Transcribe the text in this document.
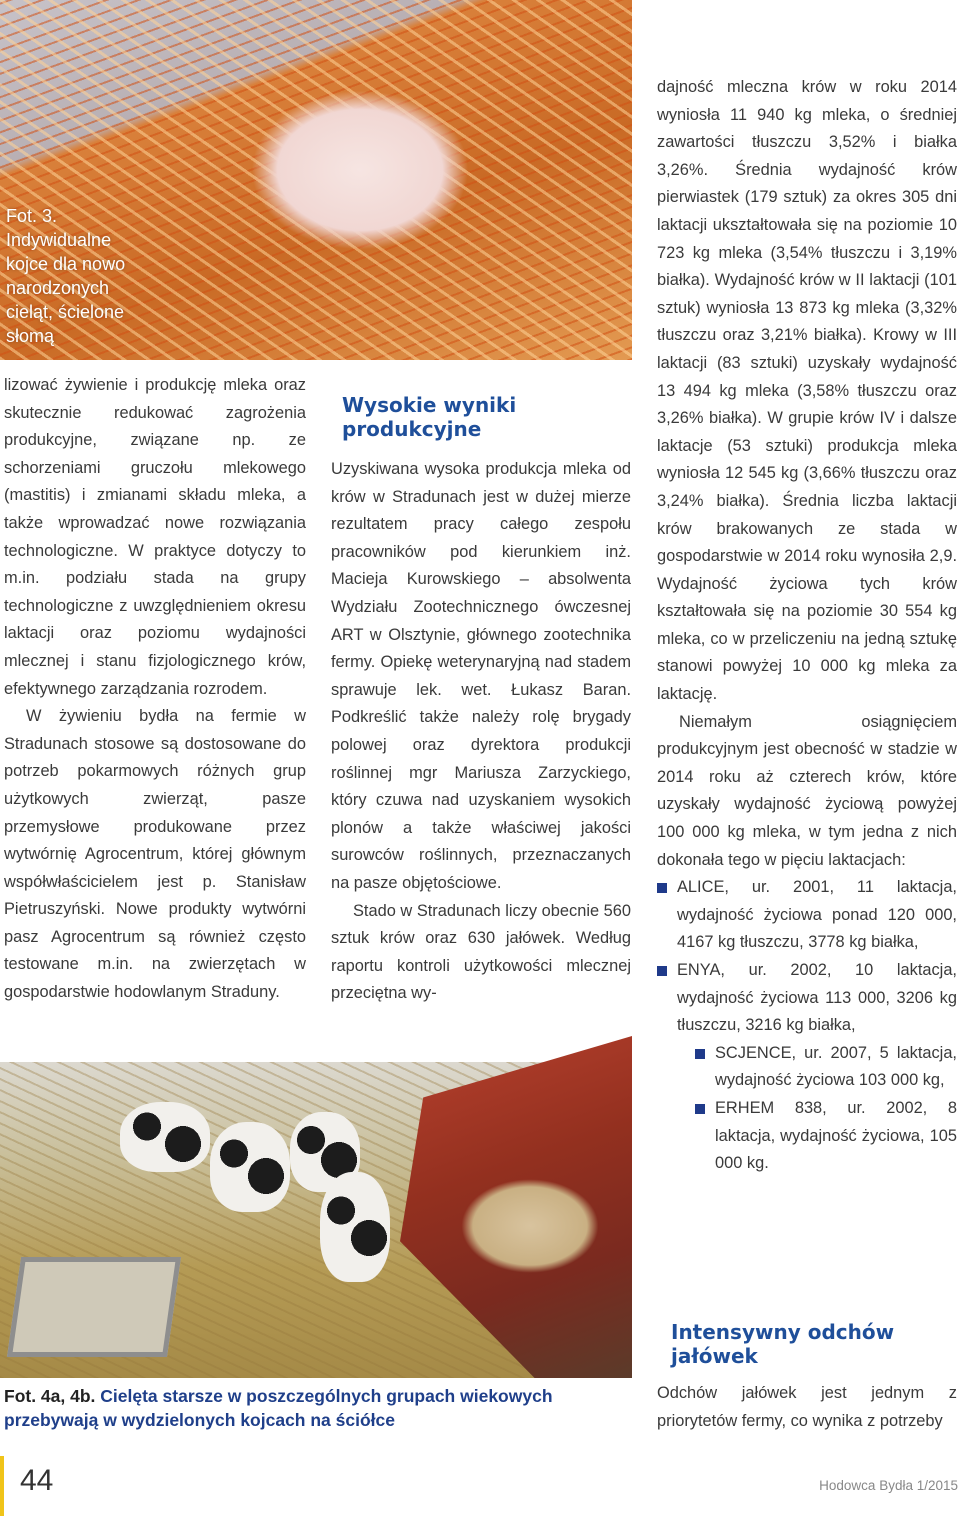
Fot. 3. Indywidualne kojce dla nowo narodzonych cieląt, ścielone słomą

lizować żywienie i produkcję mleka oraz skutecznie redukować zagrożenia produkcyjne, związane np. ze schorzeniami gruczołu mlekowego (mastitis) i zmianami składu mleka, a także wprowadzać nowe rozwiązania technologiczne. W praktyce dotyczy to m.in. podziału stada na grupy technologiczne z uwzględnieniem okresu laktacji oraz poziomu wydajności mlecznej i stanu fizjologicznego krów, efektywnego zarządzania rozrodem.

W żywieniu bydła na fermie w Stradunach stosowe są dostosowane do potrzeb pokarmowych różnych grup użytkowych zwierząt, pasze przemysłowe produkowane przez wytwórnię Agrocentrum, której głównym współwłaścicielem jest p. Stanisław Pietruszyński. Nowe produkty wytwórni pasz Agrocentrum są również często testowane m.in. na zwierzętach w gospodarstwie hodowlanym Straduny.

Wysokie wyniki produkcyjne

Uzyskiwana wysoka produkcja mleka od krów w Stradunach jest w dużej mierze rezultatem pracy całego zespołu pracowników pod kierunkiem inż. Macieja Kurowskiego – absolwenta Wydziału Zootechnicznego ówczesnej ART w Olsztynie, głównego zootechnika fermy. Opiekę weterynaryjną nad stadem sprawuje lek. wet. Łukasz Baran. Podkreślić także należy rolę brygady polowej oraz dyrektora produkcji roślinnej mgr Mariusza Zarzyckiego, który czuwa nad uzyskaniem wysokich plonów a także właściwej jakości surowców roślinnych, przeznaczanych na pasze objętościowe.

Stado w Stradunach liczy obecnie 560 sztuk krów oraz 630 jałówek. Według raportu kontroli użytkowości mlecznej przeciętna wy-

dajność mleczna krów w roku 2014 wyniosła 11 940 kg mleka, o średniej zawartości tłuszczu 3,52% i białka 3,26%. Średnia wydajność krów pierwiastek (179 sztuk) za okres 305 dni laktacji ukształtowała się na poziomie 10 723 kg mleka (3,54% tłuszczu i 3,19% białka). Wydajność krów w II laktacji (101 sztuk) wyniosła 13 873 kg mleka (3,32% tłuszczu oraz 3,21% białka). Krowy w III laktacji (83 sztuki) uzyskały wydajność 13 494 kg mleka (3,58% tłuszczu oraz 3,26% białka). W grupie krów IV i dalsze laktacje (53 sztuki) produkcja mleka wyniosła 12 545 kg (3,66% tłuszczu oraz 3,24% białka). Średnia liczba laktacji krów brakowanych ze stada w gospodarstwie w 2014 roku wynosiła 2,9. Wydajność życiowa tych krów kształtowała się na poziomie 30 554 kg mleka, co w przeliczeniu na jedną sztukę stanowi powyżej 10 000 kg mleka za laktację.

Niemałym osiągnięciem produkcyjnym jest obecność w stadzie w 2014 roku aż czterech krów, które uzyskały wydajność życiową powyżej 100 000 kg mleka, w tym jedna z nich dokonała tego w pięciu laktacjach:

ALICE, ur. 2001, 11 laktacja, wydajność życiowa ponad 120 000, 4167 kg tłuszczu, 3778 kg białka,
ENYA, ur. 2002, 10 laktacja, wydajność życiowa 113 000, 3206 kg tłuszczu, 3216 kg białka,
SCJENCE, ur. 2007, 5 laktacja, wydajność życiowa 103 000 kg,
ERHEM 838, ur. 2002, 8 laktacja, wydajność życiowa, 105 000 kg.
Fot. 4a, 4b. Cielęta starsze w poszczególnych grupach wiekowych przebywają w wydzielonych kojcach na ściółce
Intensywny odchów jałówek

Odchów jałówek jest jednym z priorytetów fermy, co wynika z potrzeby

44	Hodowca Bydła 1/2015
